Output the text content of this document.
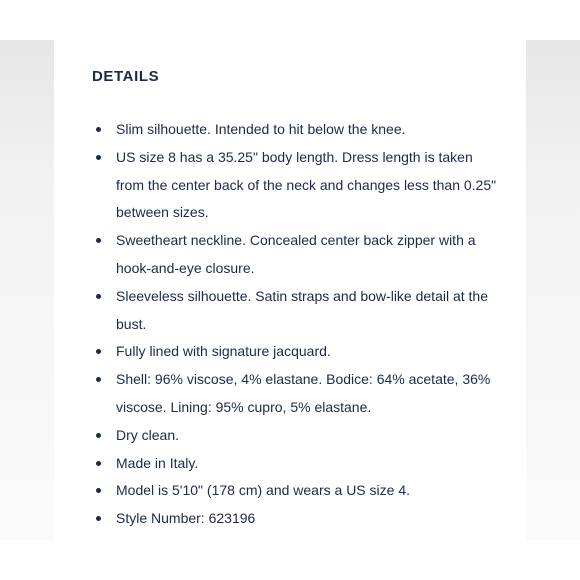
DETAILS
Slim silhouette. Intended to hit below the knee.
US size 8 has a 35.25" body length. Dress length is taken from the center back of the neck and changes less than 0.25" between sizes.
Sweetheart neckline. Concealed center back zipper with a hook-and-eye closure.
Sleeveless silhouette. Satin straps and bow-like detail at the bust.
Fully lined with signature jacquard.
Shell: 96% viscose, 4% elastane. Bodice: 64% acetate, 36% viscose. Lining: 95% cupro, 5% elastane.
Dry clean.
Made in Italy.
Model is 5'10" (178 cm) and wears a US size 4.
Style Number: 623196
